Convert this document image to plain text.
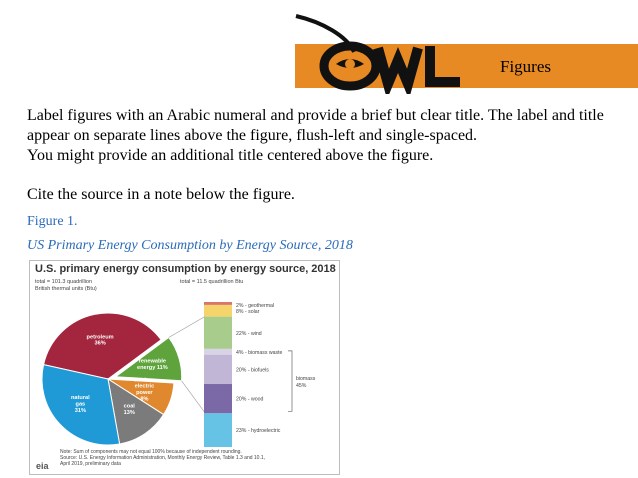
Figures
Label figures with an Arabic numeral and provide a brief but clear title. The label and title appear on separate lines above the figure, flush-left and single-spaced.
You might provide an additional title centered above the figure.
Cite the source in a note below the figure.
Figure 1.
US Primary Energy Consumption by Energy Source, 2018
U.S. primary energy consumption by energy source, 2018
total = 101.3 quadrillion
British thermal units (Btu)
total = 11.5 quadrillion Btu
petroleum 36%
renewable energy 11%
nuclear electric power 8%
coal 13%
natural gas 31%
2% - geothermal
8% - solar
22% - wind
4% - biomass waste
20% - biofuels
20% - wood
23% - hydroelectric
biomass
45%
Note: Sum of components may not equal 100% because of independent rounding.
Source: U.S. Energy Information Administration, Monthly Energy Review, Table 1.3 and 10.1,
April 2019, preliminary data
eia
